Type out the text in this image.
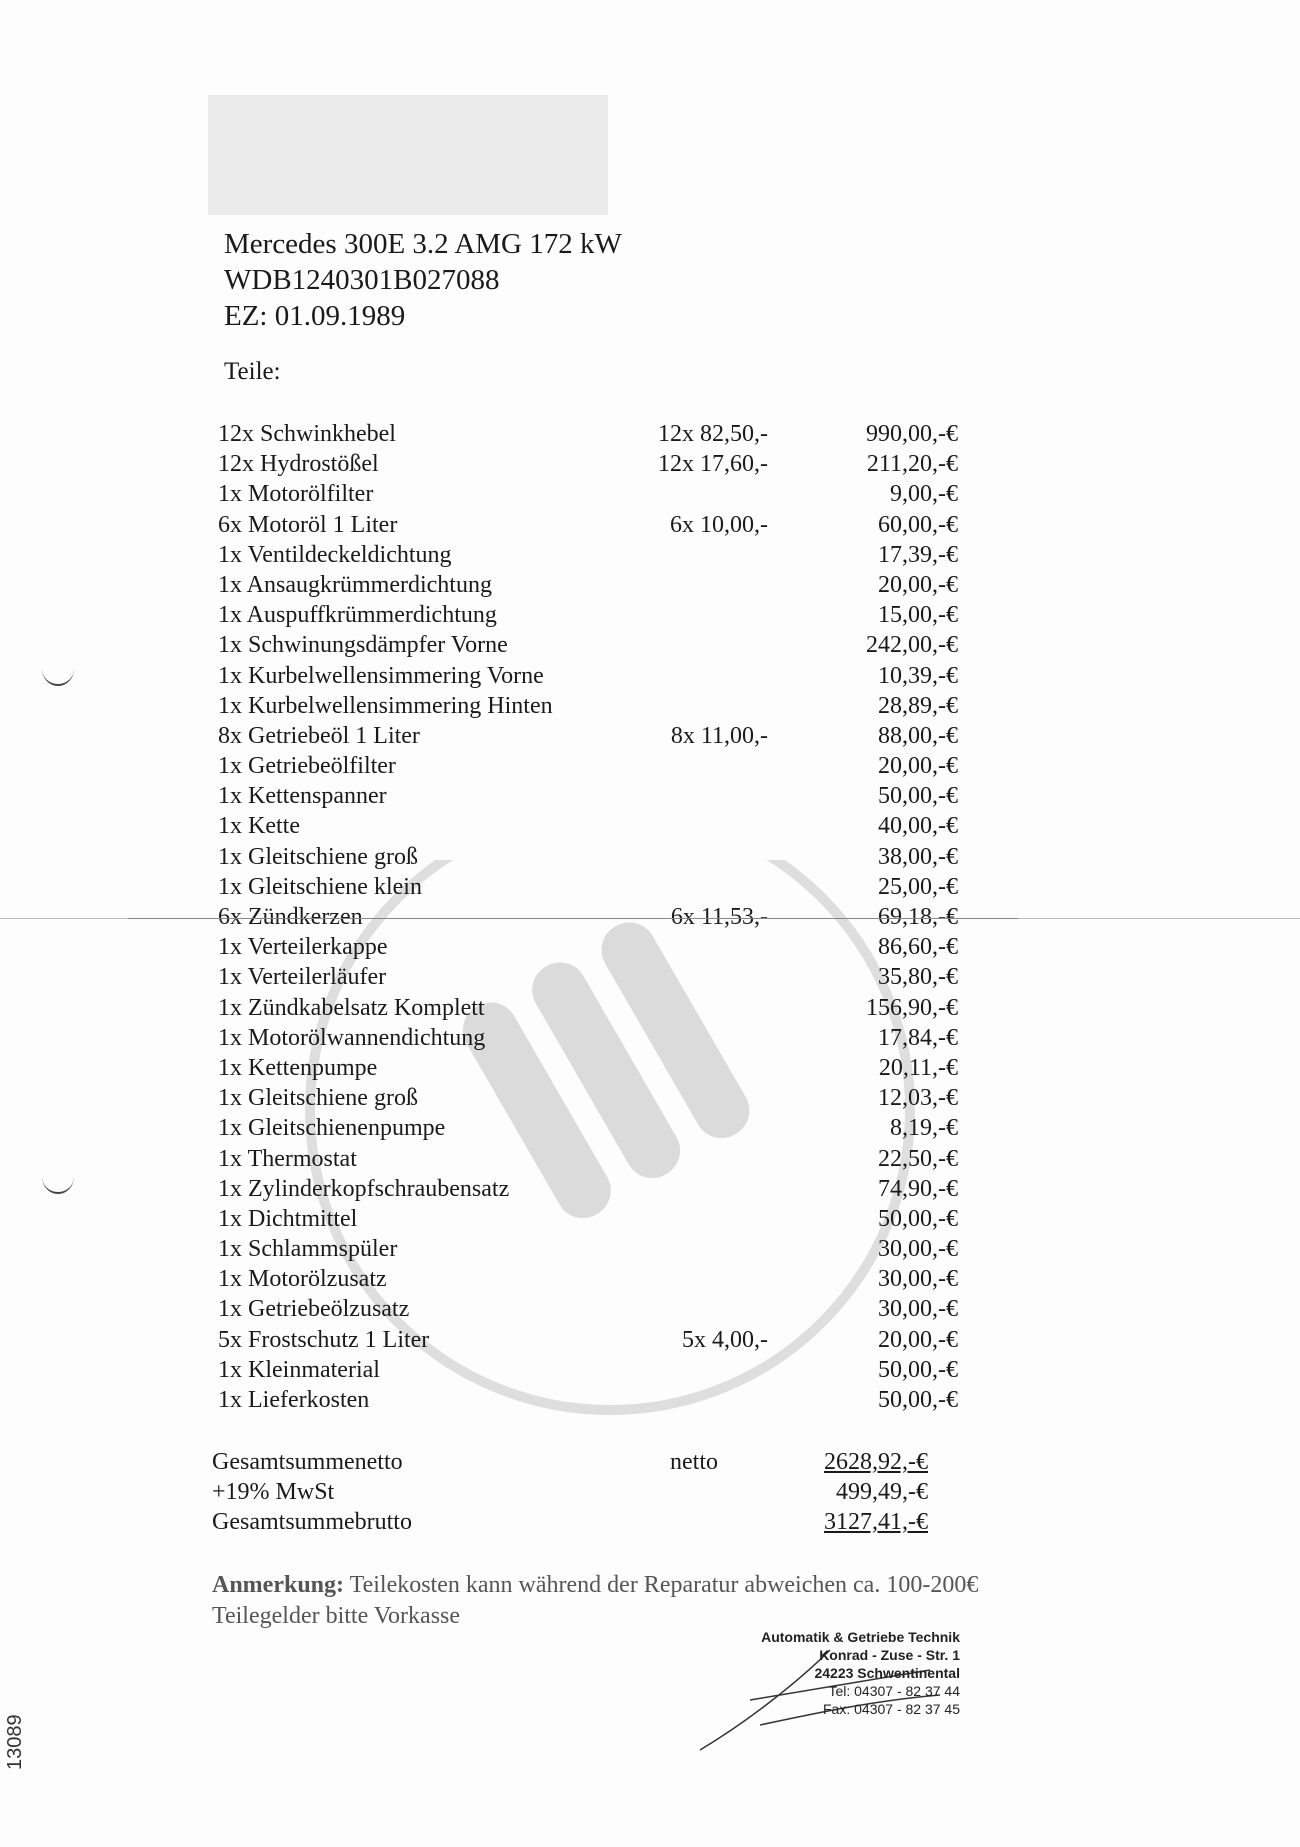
Mercedes 300E 3.2 AMG 172 kW
WDB1240301B027088
EZ: 01.09.1989
Teile:
12x Schwinkhebel	12x 82,50,-	990,00,-€
12x Hydrostößel	12x 17,60,-	211,20,-€
1x Motorölfilter	9,00,-€
6x Motoröl 1 Liter	6x 10,00,-	60,00,-€
1x Ventildeckeldichtung	17,39,-€
1x Ansaugkrümmerdichtung	20,00,-€
1x Auspuffkrümmerdichtung	15,00,-€
1x Schwinungsdämpfer Vorne	242,00,-€
1x Kurbelwellensimmering Vorne	10,39,-€
1x Kurbelwellensimmering Hinten	28,89,-€
8x Getriebeöl 1 Liter	8x 11,00,-	88,00,-€
1x Getriebeölfilter	20,00,-€
1x Kettenspanner	50,00,-€
1x Kette	40,00,-€
1x Gleitschiene groß	38,00,-€
1x Gleitschiene klein	25,00,-€
6x Zündkerzen	6x 11,53,-	69,18,-€
1x Verteilerkappe	86,60,-€
1x Verteilerläufer	35,80,-€
1x Zündkabelsatz Komplett	156,90,-€
1x Motorölwannendichtung	17,84,-€
1x Kettenpumpe	20,11,-€
1x Gleitschiene groß	12,03,-€
1x Gleitschienenpumpe	8,19,-€
1x Thermostat	22,50,-€
1x Zylinderkopfschraubensatz	74,90,-€
1x Dichtmittel	50,00,-€
1x Schlammspüler	30,00,-€
1x Motorölzusatz	30,00,-€
1x Getriebeölzusatz	30,00,-€
5x Frostschutz 1 Liter	5x 4,00,-	20,00,-€
1x Kleinmaterial	50,00,-€
1x Lieferkosten	50,00,-€
Gesamtsummenetto	netto	2628,92,-€
+19% MwSt	499,49,-€
Gesamtsummebrutto	3127,41,-€
Anmerkung: Teilekosten kann während der Reparatur abweichen ca. 100-200€
Teilegelder bitte Vorkasse
Automatik & Getriebe Technik
Konrad - Zuse - Str. 1
24223 Schwentinental
Tel: 04307 - 82 37 44
Fax: 04307 - 82 37 45
13089
